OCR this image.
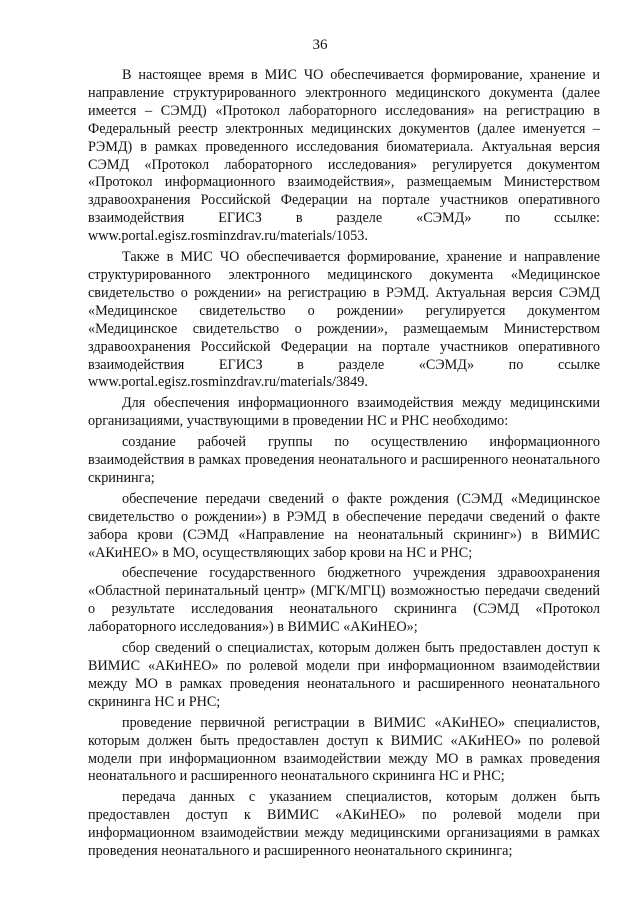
36

В настоящее время в МИС ЧО обеспечивается формирование, хранение и направление структурированного электронного медицинского документа (далее имеется – СЭМД) «Протокол лабораторного исследования» на регистрацию в Федеральный реестр электронных медицинских документов (далее именуется – РЭМД) в рамках проведенного исследования биоматериала. Актуальная версия СЭМД «Протокол лабораторного исследования» регулируется документом «Протокол информационного взаимодействия», размещаемым Министерством здравоохранения Российской Федерации на портале участников оперативного взаимодействия ЕГИСЗ в разделе «СЭМД» по ссылке: www.portal.egisz.rosminzdrav.ru/materials/1053.

Также в МИС ЧО обеспечивается формирование, хранение и направление структурированного электронного медицинского документа «Медицинское свидетельство о рождении» на регистрацию в РЭМД. Актуальная версия СЭМД «Медицинское свидетельство о рождении» регулируется документом «Медицинское свидетельство о рождении», размещаемым Министерством здравоохранения Российской Федерации на портале участников оперативного взаимодействия ЕГИСЗ в разделе «СЭМД» по ссылке www.portal.egisz.rosminzdrav.ru/materials/3849.

Для обеспечения информационного взаимодействия между медицинскими организациями, участвующими в проведении НС и РНС необходимо:

создание рабочей группы по осуществлению информационного взаимодействия в рамках проведения неонатального и расширенного неонатального скрининга;

обеспечение передачи сведений о факте рождения (СЭМД «Медицинское свидетельство о рождении») в РЭМД в обеспечение передачи сведений о факте забора крови (СЭМД «Направление на неонатальный скрининг») в ВИМИС «АКиНЕО» в МО, осуществляющих забор крови на НС и РНС;

обеспечение государственного бюджетного учреждения здравоохранения «Областной перинатальный центр» (МГК/МГЦ) возможностью передачи сведений о результате исследования неонатального скрининга (СЭМД «Протокол лабораторного исследования») в ВИМИС «АКиНЕО»;

сбор сведений о специалистах, которым должен быть предоставлен доступ к ВИМИС «АКиНЕО» по ролевой модели при информационном взаимодействии между МО в рамках проведения неонатального и расширенного неонатального скрининга НС и РНС;

проведение первичной регистрации в ВИМИС «АКиНЕО» специалистов, которым должен быть предоставлен доступ к ВИМИС «АКиНЕО» по ролевой модели при информационном взаимодействии между МО в рамках проведения неонатального и расширенного неонатального скрининга НС и РНС;

передача данных с указанием специалистов, которым должен быть предоставлен доступ к ВИМИС «АКиНЕО» по ролевой модели при информационном взаимодействии между медицинскими организациями в рамках проведения неонатального и расширенного неонатального скрининга;
